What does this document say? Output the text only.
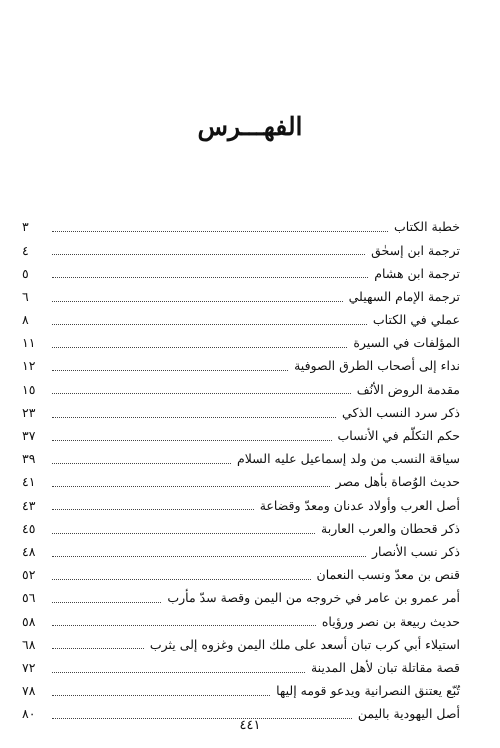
الفهـــرس
خطبة الكتاب
٣
ترجمة ابن إسحٰق
٤
ترجمة ابن هشام
٥
ترجمة الإمام السهيلي
٦
عملي في الكتاب
٨
المؤلفات في السيرة
١١
نداء إلى أصحاب الطرق الصوفية
١٢
مقدمة الروض الأنُف
١٥
ذكر سرد النسب الذكي
٢٣
حكم التكلّم في الأنساب
٣٧
سياقة النسب من ولد إسماعيل عليه السلام
٣٩
حديث الوُصاة بأهل مصر
٤١
أصل العرب وأولاد عدنان ومعدّ وقضاعة
٤٣
ذكر قحطان والعرب العاربة
٤٥
ذكر نسب الأنصار
٤٨
قنص بن معدّ ونسب النعمان
٥٢
أمر عمرو بن عامر في خروجه من اليمن وقصة سدّ مأرب
٥٦
حديث ربيعة بن نصر ورؤياه
٥٨
استيلاء أبي كرب تبان أسعد على ملك اليمن وغزوه إلى يثرب
٦٨
قصة مقاتلة تبان لأهل المدينة
٧٢
تُبّع يعتنق النصرانية ويدعو قومه إليها
٧٨
أصل اليهودية باليمن
٨٠
٤٤١
